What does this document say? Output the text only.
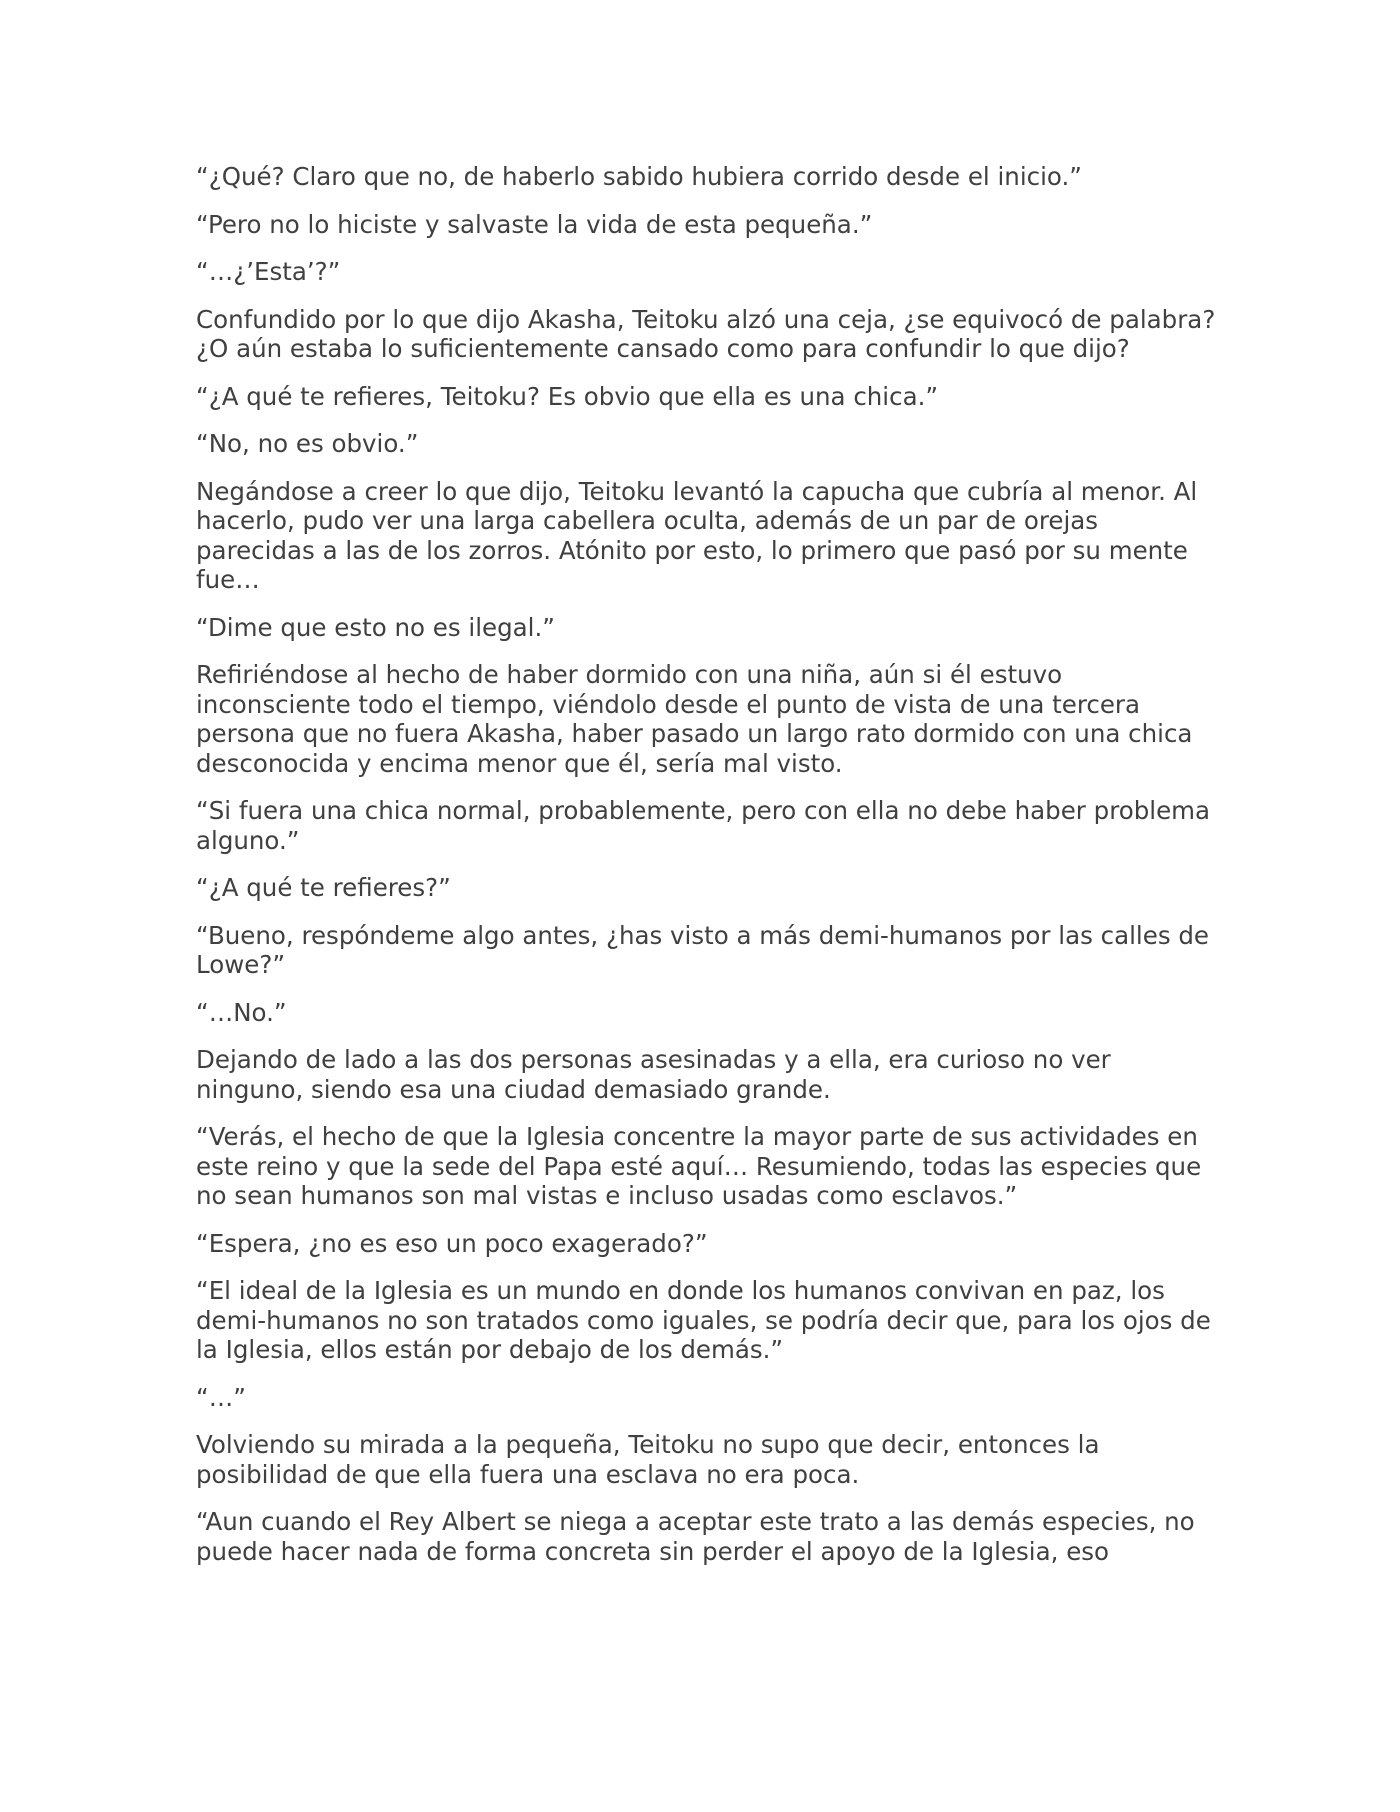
“¿Qué? Claro que no, de haberlo sabido hubiera corrido desde el inicio.”

“Pero no lo hiciste y salvaste la vida de esta pequeña.”

“…¿’Esta’?”

Confundido por lo que dijo Akasha, Teitoku alzó una ceja, ¿se equivocó de palabra? ¿O aún estaba lo suficientemente cansado como para confundir lo que dijo?

“¿A qué te refieres, Teitoku? Es obvio que ella es una chica.”

“No, no es obvio.”

Negándose a creer lo que dijo, Teitoku levantó la capucha que cubría al menor. Al hacerlo, pudo ver una larga cabellera oculta, además de un par de orejas parecidas a las de los zorros. Atónito por esto, lo primero que pasó por su mente fue…

“Dime que esto no es ilegal.”

Refiriéndose al hecho de haber dormido con una niña, aún si él estuvo inconsciente todo el tiempo, viéndolo desde el punto de vista de una tercera persona que no fuera Akasha, haber pasado un largo rato dormido con una chica desconocida y encima menor que él, sería mal visto.

“Si fuera una chica normal, probablemente, pero con ella no debe haber problema alguno.”

“¿A qué te refieres?”

“Bueno, respóndeme algo antes, ¿has visto a más demi-humanos por las calles de Lowe?”

“…No.”

Dejando de lado a las dos personas asesinadas y a ella, era curioso no ver ninguno, siendo esa una ciudad demasiado grande.

“Verás, el hecho de que la Iglesia concentre la mayor parte de sus actividades en este reino y que la sede del Papa esté aquí… Resumiendo, todas las especies que no sean humanos son mal vistas e incluso usadas como esclavos.”

“Espera, ¿no es eso un poco exagerado?”

“El ideal de la Iglesia es un mundo en donde los humanos convivan en paz, los demi-humanos no son tratados como iguales, se podría decir que, para los ojos de la Iglesia, ellos están por debajo de los demás.”

“…”

Volviendo su mirada a la pequeña, Teitoku no supo que decir, entonces la posibilidad de que ella fuera una esclava no era poca.

“Aun cuando el Rey Albert se niega a aceptar este trato a las demás especies, no puede hacer nada de forma concreta sin perder el apoyo de la Iglesia, eso
